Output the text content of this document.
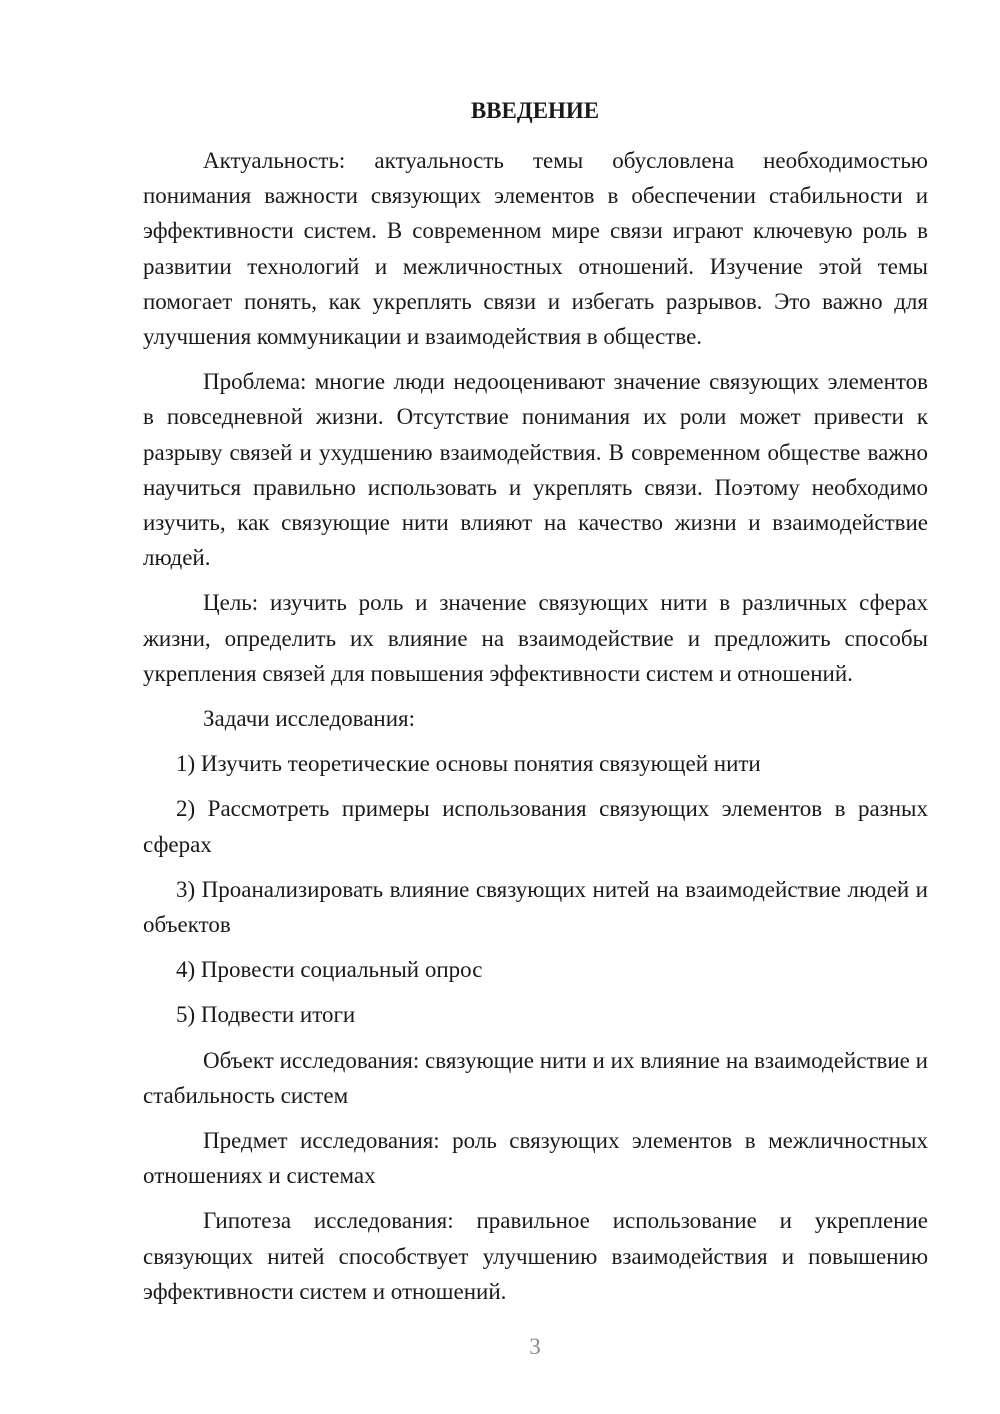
ВВЕДЕНИЕ

Актуальность: актуальность темы обусловлена необходимостью понимания важности связующих элементов в обеспечении стабильности и эффективности систем. В современном мире связи играют ключевую роль в развитии технологий и межличностных отношений. Изучение этой темы помогает понять, как укреплять связи и избегать разрывов. Это важно для улучшения коммуникации и взаимодействия в обществе.

Проблема: многие люди недооценивают значение связующих элементов в повседневной жизни. Отсутствие понимания их роли может привести к разрыву связей и ухудшению взаимодействия. В современном обществе важно научиться правильно использовать и укреплять связи. Поэтому необходимо изучить, как связующие нити влияют на качество жизни и взаимодействие людей.

Цель: изучить роль и значение связующих нити в различных сферах жизни, определить их влияние на взаимодействие и предложить способы укрепления связей для повышения эффективности систем и отношений.

Задачи исследования:

1) Изучить теоретические основы понятия связующей нити

2) Рассмотреть примеры использования связующих элементов в разных сферах

3) Проанализировать влияние связующих нитей на взаимодействие людей и объектов

4) Провести социальный опрос

5) Подвести итоги

Объект исследования: связующие нити и их влияние на взаимодействие и стабильность систем

Предмет исследования: роль связующих элементов в межличностных отношениях и системах

Гипотеза исследования: правильное использование и укрепление связующих нитей способствует улучшению взаимодействия и повышению эффективности систем и отношений.

3
